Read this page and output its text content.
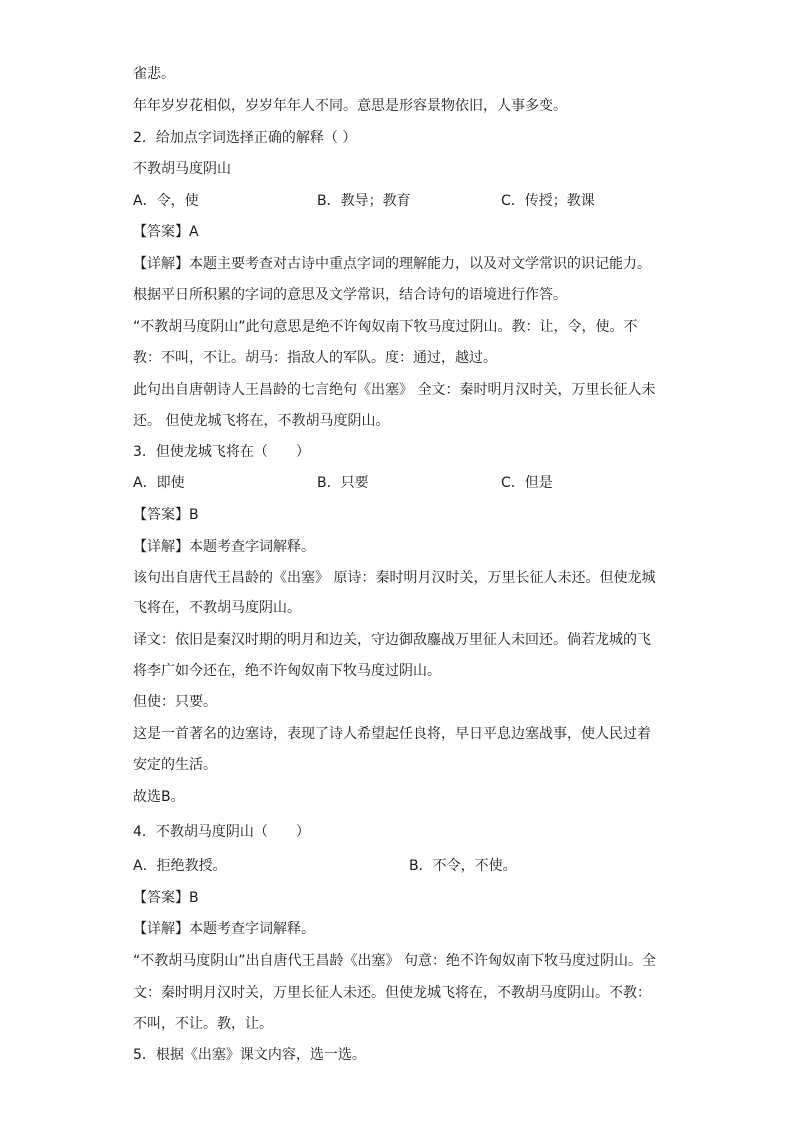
雀悲。

年年岁岁花相似，岁岁年年人不同。意思是形容景物依旧，人事多变。

2．给加点字词选择正确的解释（ ）

不教胡马度阴山

A．令，使	B．教导；教育	C．传授；教课

【答案】A

【详解】本题主要考查对古诗中重点字词的理解能力，以及对文学常识的识记能力。

根据平日所积累的字词的意思及文学常识，结合诗句的语境进行作答。

“不教胡马度阴山”此句意思是绝不许匈奴南下牧马度过阴山。教：让，令，使。不

教：不叫，不让。胡马：指敌人的军队。度：通过，越过。

此句出自唐朝诗人王昌龄的七言绝句《出塞》 全文：秦时明月汉时关，万里长征人未

还。 但使龙城飞将在，不教胡马度阴山。

3．但使龙城飞将在（　　）

A．即使	B．只要	C．但是

【答案】B

【详解】本题考查字词解释。

该句出自唐代王昌龄的《出塞》 原诗：秦时明月汉时关，万里长征人未还。但使龙城

飞将在，不教胡马度阴山。

译文：依旧是秦汉时期的明月和边关，守边御敌鏖战万里征人未回还。倘若龙城的飞

将李广如今还在，绝不许匈奴南下牧马度过阴山。

但使：只要。

这是一首著名的边塞诗，表现了诗人希望起任良将，早日平息边塞战事，使人民过着

安定的生活。

故选B。

4．不教胡马度阴山（　　）

A．拒绝教授。	B．不令，不使。

【答案】B

【详解】本题考查字词解释。

“不教胡马度阴山”出自唐代王昌龄《出塞》 句意：绝不许匈奴南下牧马度过阴山。全

文：秦时明月汉时关，万里长征人未还。但使龙城飞将在，不教胡马度阴山。不教：

不叫，不让。教，让。

5．根据《出塞》课文内容，选一选。
